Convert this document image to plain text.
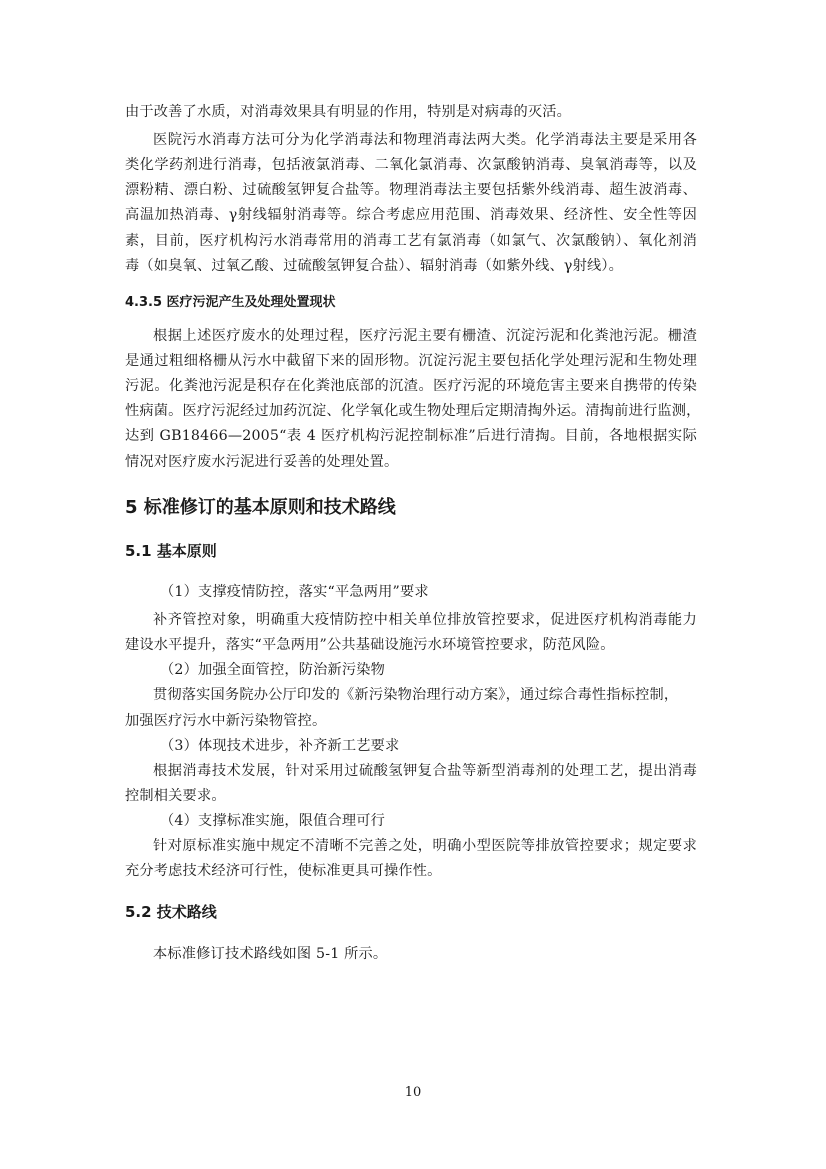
由于改善了水质，对消毒效果具有明显的作用，特别是对病毒的灭活。
医院污水消毒方法可分为化学消毒法和物理消毒法两大类。化学消毒法主要是采用各
类化学药剂进行消毒，包括液氯消毒、二氧化氯消毒、次氯酸钠消毒、臭氧消毒等，以及
漂粉精、漂白粉、过硫酸氢钾复合盐等。物理消毒法主要包括紫外线消毒、超生波消毒、
高温加热消毒、γ射线辐射消毒等。综合考虑应用范围、消毒效果、经济性、安全性等因
素，目前，医疗机构污水消毒常用的消毒工艺有氯消毒（如氯气、次氯酸钠）、氧化剂消
毒（如臭氧、过氧乙酸、过硫酸氢钾复合盐）、辐射消毒（如紫外线、γ射线）。
4.3.5 医疗污泥产生及处理处置现状
根据上述医疗废水的处理过程，医疗污泥主要有栅渣、沉淀污泥和化粪池污泥。栅渣
是通过粗细格栅从污水中截留下来的固形物。沉淀污泥主要包括化学处理污泥和生物处理
污泥。化粪池污泥是积存在化粪池底部的沉渣。医疗污泥的环境危害主要来自携带的传染
性病菌。医疗污泥经过加药沉淀、化学氧化或生物处理后定期清掏外运。清掏前进行监测，
达到 GB18466—2005“表 4 医疗机构污泥控制标准”后进行清掏。目前，各地根据实际
情况对医疗废水污泥进行妥善的处理处置。
5 标准修订的基本原则和技术路线
5.1 基本原则
（1）支撑疫情防控，落实“平急两用”要求
补齐管控对象，明确重大疫情防控中相关单位排放管控要求，促进医疗机构消毒能力
建设水平提升，落实“平急两用”公共基础设施污水环境管控要求，防范风险。
（2）加强全面管控，防治新污染物
贯彻落实国务院办公厅印发的《新污染物治理行动方案》，通过综合毒性指标控制，
加强医疗污水中新污染物管控。
（3）体现技术进步，补齐新工艺要求
根据消毒技术发展，针对采用过硫酸氢钾复合盐等新型消毒剂的处理工艺，提出消毒
控制相关要求。
（4）支撑标准实施，限值合理可行
针对原标准实施中规定不清晰不完善之处，明确小型医院等排放管控要求；规定要求
充分考虑技术经济可行性，使标准更具可操作性。
5.2 技术路线
本标准修订技术路线如图 5-1 所示。
10
